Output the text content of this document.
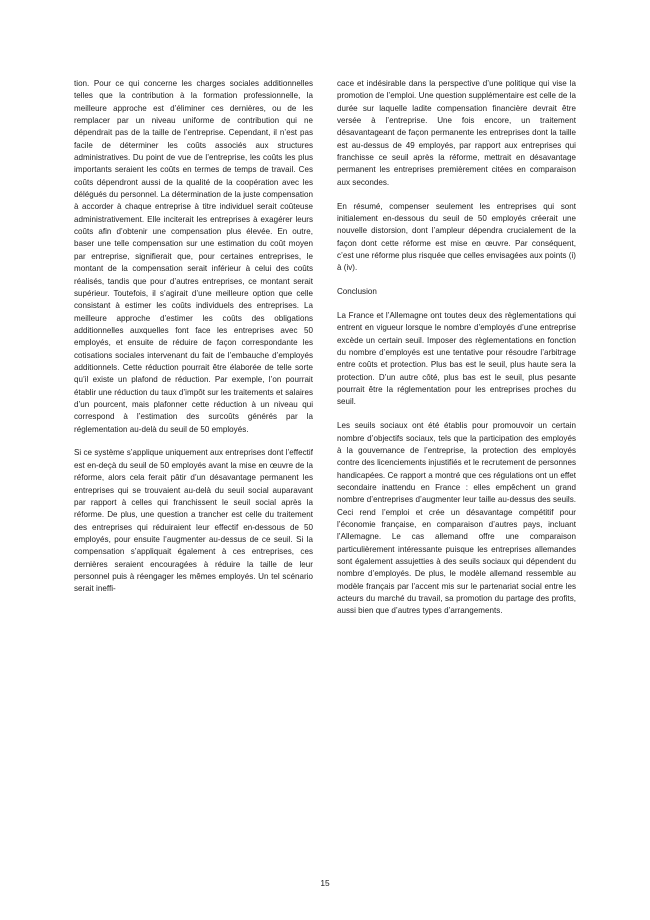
tion. Pour ce qui concerne les charges sociales additionnelles telles que la contribution à la formation professionnelle, la meilleure approche est d’éliminer ces dernières, ou de les remplacer par un niveau uniforme de contribution qui ne dépendrait pas de la taille de l’entreprise. Cependant, il n’est pas facile de déterminer les coûts associés aux structures administratives. Du point de vue de l’entreprise, les coûts les plus importants seraient les coûts en termes de temps de travail. Ces coûts dépendront aussi de la qualité de la coopération avec les délégués du personnel. La détermination de la juste compensation à accorder à chaque entreprise à titre individuel serait coûteuse administrativement. Elle inciterait les entreprises à exagérer leurs coûts afin d’obtenir une compensation plus élevée. En outre, baser une telle compensation sur une estimation du coût moyen par entreprise, signifierait que, pour certaines entreprises, le montant de la compensation serait inférieur à celui des coûts réalisés, tandis que pour d’autres entreprises, ce montant serait supérieur. Toutefois, il s’agirait d’une meilleure option que celle consistant à estimer les coûts individuels des entreprises. La meilleure approche d’estimer les coûts des obligations additionnelles auxquelles font face les entreprises avec 50 employés, et ensuite de réduire de façon correspondante les cotisations sociales intervenant du fait de l’embauche d’employés additionnels. Cette réduction pourrait être élaborée de telle sorte qu’il existe un plafond de réduction. Par exemple, l’on pourrait établir une réduction du taux d’impôt sur les traitements et salaires d’un pourcent, mais plafonner cette réduction à un niveau qui correspond à l’estimation des surcoûts générés par la réglementation au-delà du seuil de 50 employés.

Si ce système s’applique uniquement aux entreprises dont l’effectif est en-deçà du seuil de 50 employés avant la mise en œuvre de la réforme, alors cela ferait pâtir d’un désavantage permanent les entreprises qui se trouvaient au-delà du seuil social auparavant par rapport à celles qui franchissent le seuil social après la réforme. De plus, une question a trancher est celle du traitement des entreprises qui réduiraient leur effectif en-dessous de 50 employés, pour ensuite l’augmenter au-dessus de ce seuil. Si la compensation s’appliquait également à ces entreprises, ces dernières seraient encouragées à réduire la taille de leur personnel puis à réengager les mêmes employés. Un tel scénario serait ineffi-

cace et indésirable dans la perspective d’une politique qui vise la promotion de l’emploi. Une question supplémentaire est celle de la durée sur laquelle ladite compensation financière devrait être versée à l’entreprise. Une fois encore, un traitement désavantageant de façon permanente les entreprises dont la taille est au-dessus de 49 employés, par rapport aux entreprises qui franchisse ce seuil après la réforme, mettrait en désavantage permanent les entreprises premièrement citées en comparaison aux secondes.

En résumé, compenser seulement les entreprises qui sont initialement en-dessous du seuil de 50 employés créerait une nouvelle distorsion, dont l’ampleur dépendra crucialement de la façon dont cette réforme est mise en œuvre. Par conséquent, c’est une réforme plus risquée que celles envisagées aux points (i) à (iv).

Conclusion

La France et l’Allemagne ont toutes deux des règlementations qui entrent en vigueur lorsque le nombre d’employés d’une entreprise excède un certain seuil. Imposer des règlementations en fonction du nombre d’employés est une tentative pour résoudre l’arbitrage entre coûts et protection. Plus bas est le seuil, plus haute sera la protection. D’un autre côté, plus bas est le seuil, plus pesante pourrait être la réglementation pour les entreprises proches du seuil.

Les seuils sociaux ont été établis pour promouvoir un certain nombre d’objectifs sociaux, tels que la participation des employés à la gouvernance de l’entreprise, la protection des employés contre des licenciements injustifiés et le recrutement de personnes handicapées. Ce rapport a montré que ces régulations ont un effet secondaire inattendu en France : elles empêchent un grand nombre d’entreprises d’augmenter leur taille au-dessus des seuils. Ceci rend l’emploi et crée un désavantage compétitif pour l’économie française, en comparaison d’autres pays, incluant l’Allemagne. Le cas allemand offre une comparaison particulièrement intéressante puisque les entreprises allemandes sont également assujetties à des seuils sociaux qui dépendent du nombre d’employés. De plus, le modèle allemand ressemble au modèle français par l’accent mis sur le partenariat social entre les acteurs du marché du travail, sa promotion du partage des profits, aussi bien que d’autres types d’arrangements.

15
